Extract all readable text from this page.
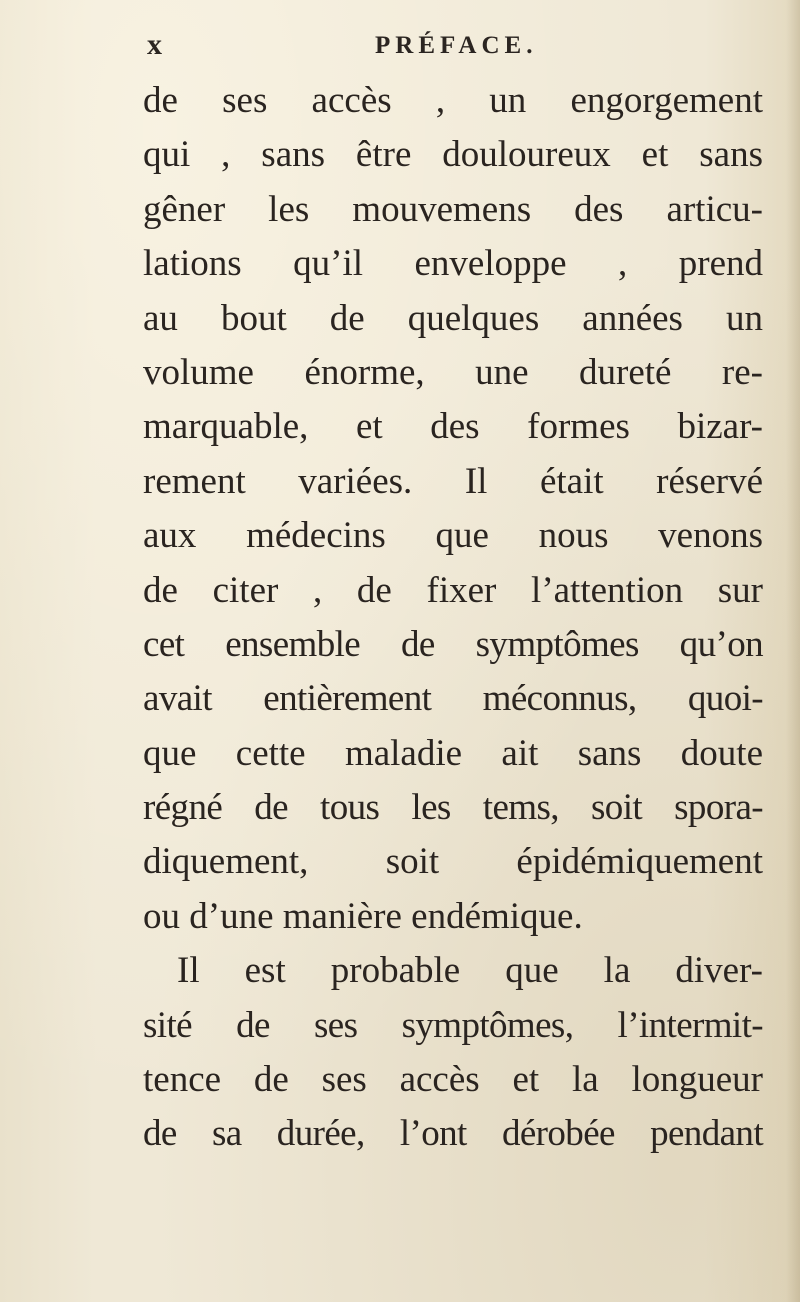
x	PRÉFACE.
de ses accès , un engorgement
qui , sans être douloureux et sans
gêner les mouvemens des articu-
lations qu’il enveloppe , prend
au bout de quelques années un
volume énorme, une dureté re-
marquable, et des formes bizar-
rement variées. Il était réservé
aux médecins que nous venons
de citer , de fixer l’attention sur
cet ensemble de symptômes qu’on
avait entièrement méconnus, quoi-
que cette maladie ait sans doute
régné de tous les tems, soit spora-
diquement, soit épidémiquement
ou d’une manière endémique.
Il est probable que la diver-
sité de ses symptômes, l’intermit-
tence de ses accès et la longueur
de sa durée, l’ont dérobée pendant
